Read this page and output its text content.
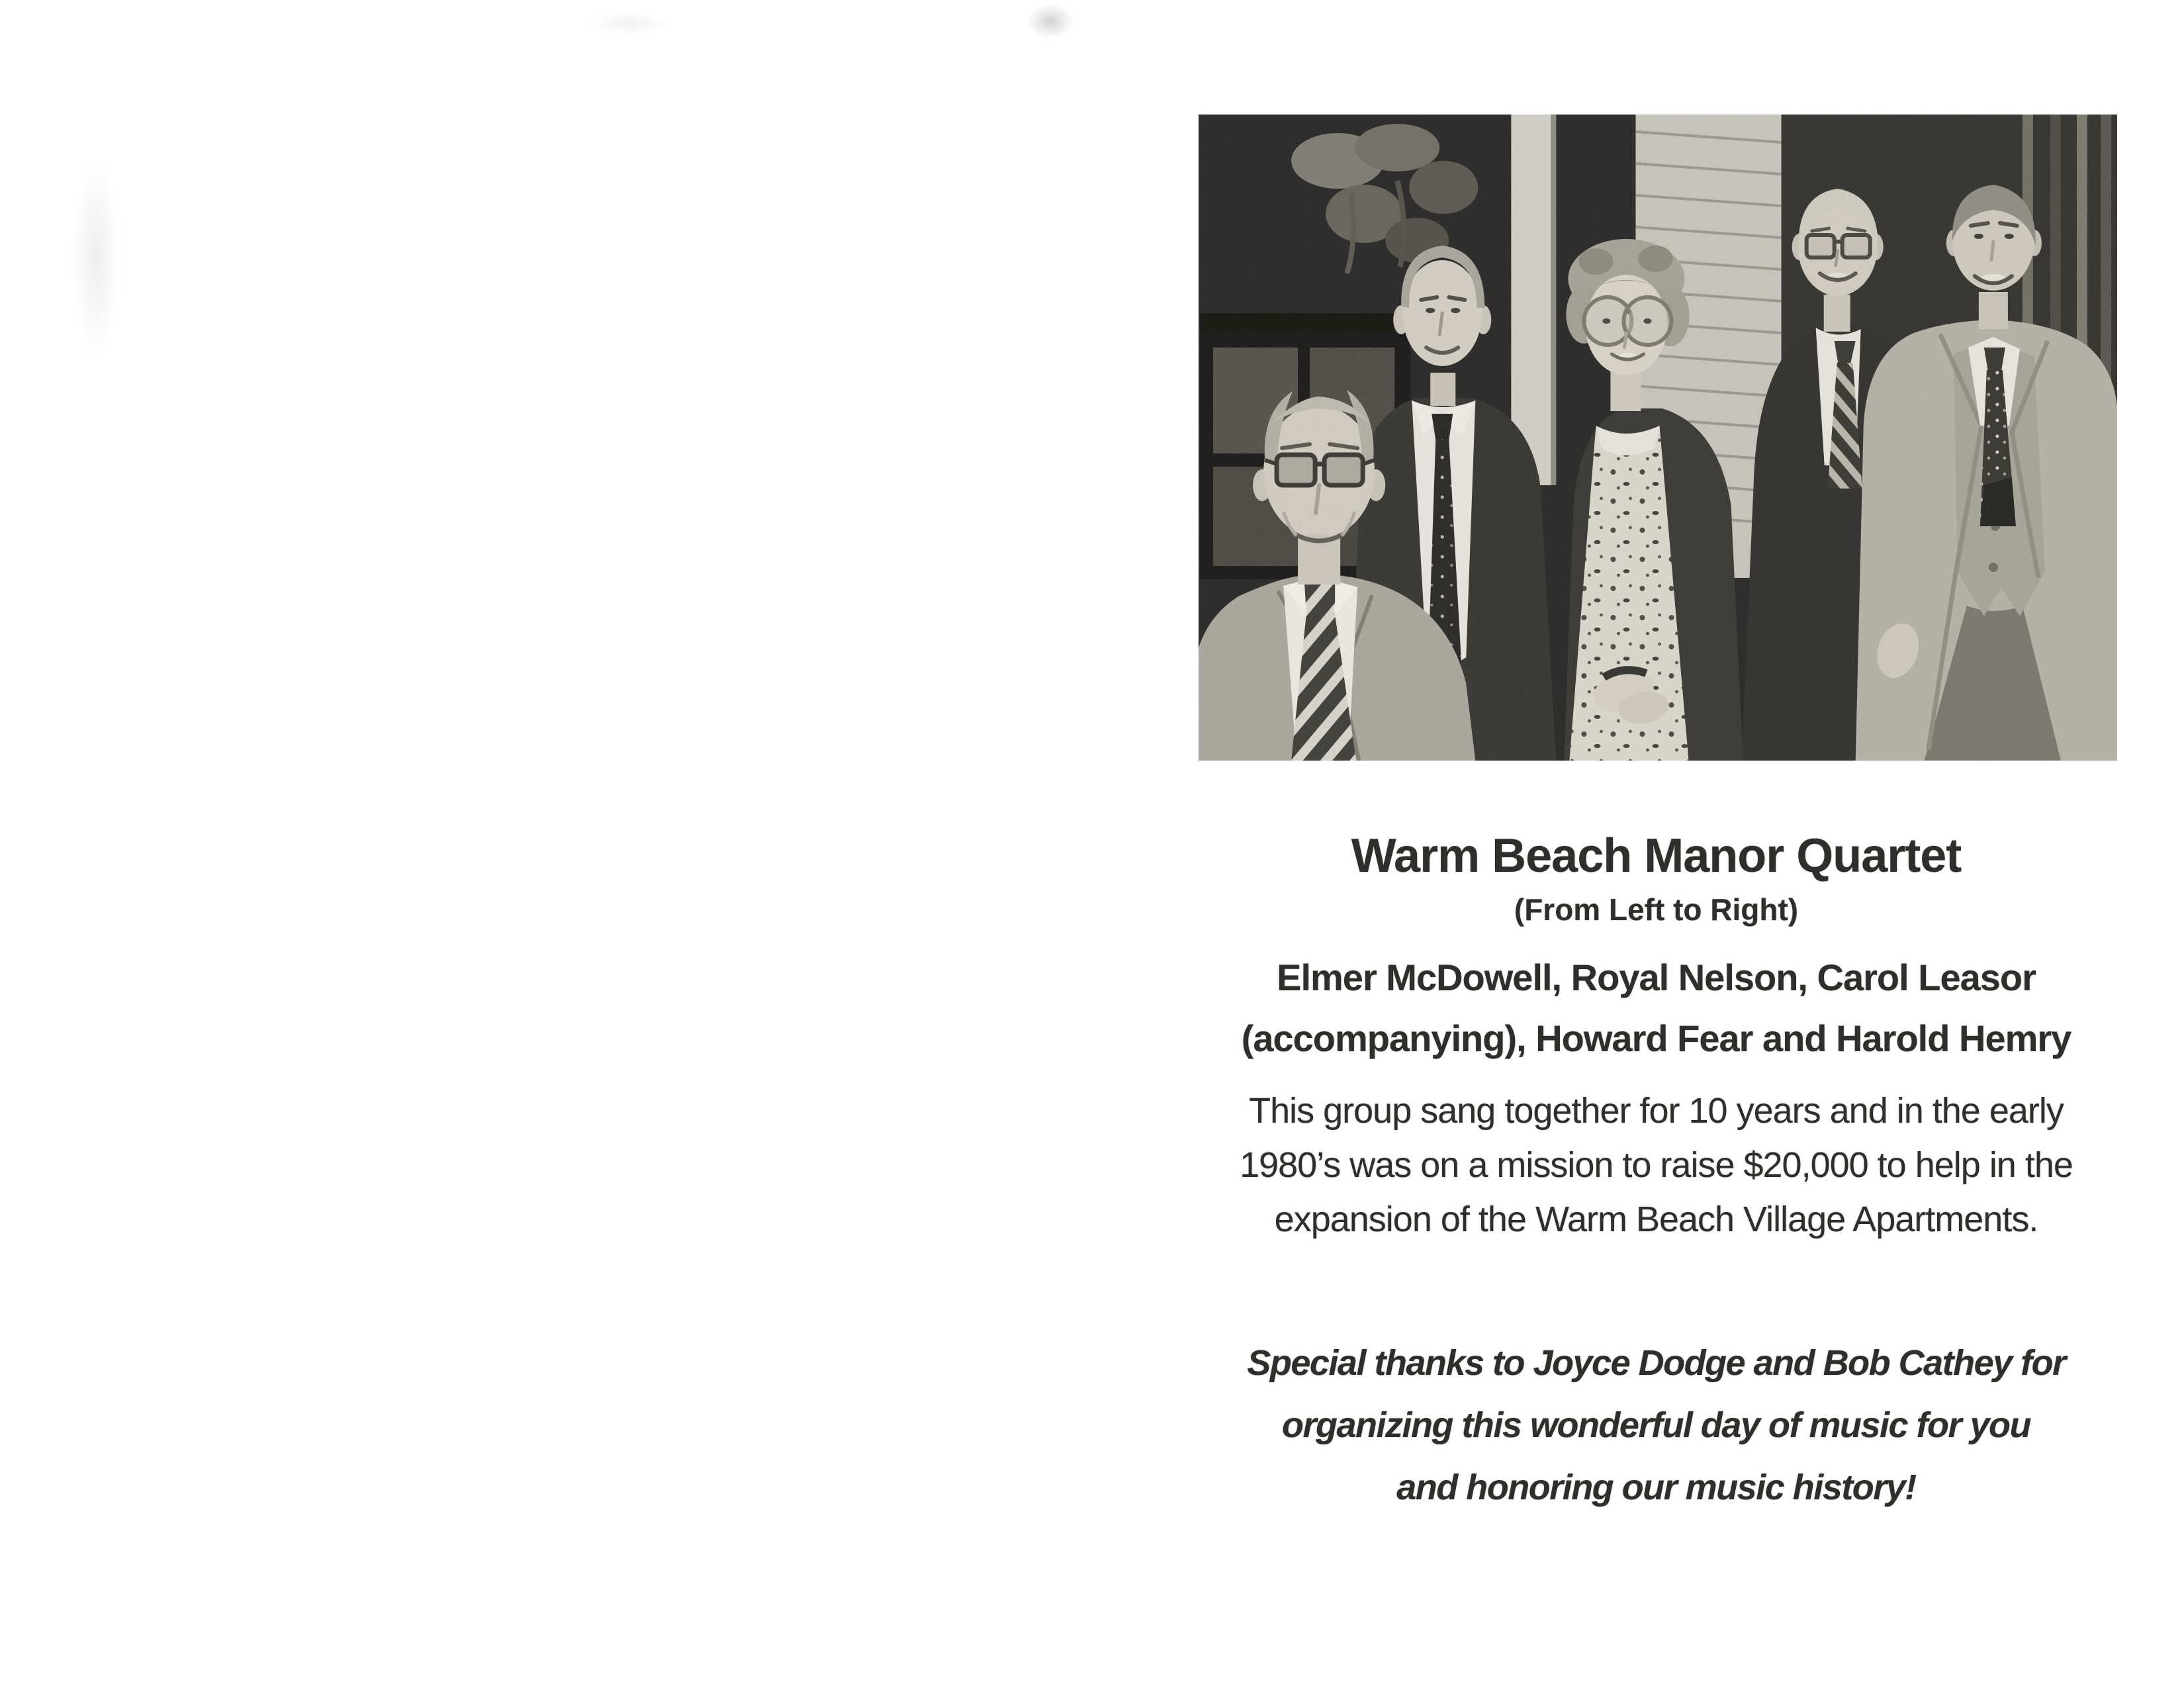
Warm Beach Manor Quartet
(From Left to Right)
Elmer McDowell, Royal Nelson, Carol Leasor
(accompanying), Howard Fear and Harold Hemry
This group sang together for 10 years and in the early
1980’s was on a mission to raise $20,000 to help in the
expansion of the Warm Beach Village Apartments.
Special thanks to Joyce Dodge and Bob Cathey for
organizing this wonderful day of music for you
and honoring our music history!
